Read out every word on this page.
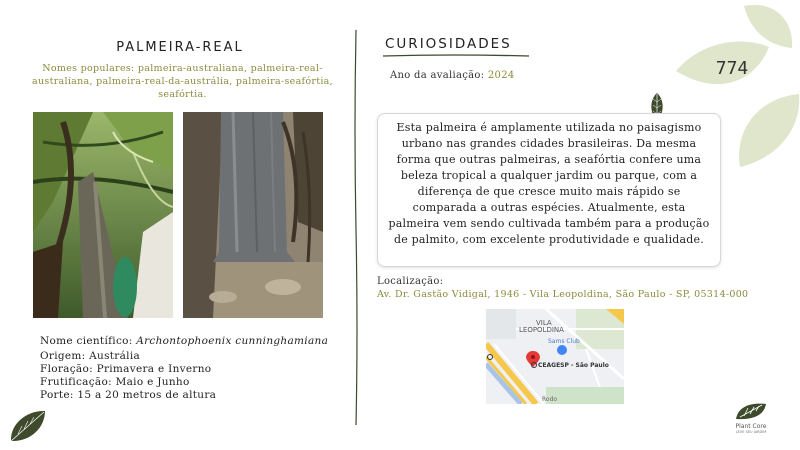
PALMEIRA-REAL
Nomes populares: palmeira-australiana, palmeira-real-australiana, palmeira-real-da-austrália, palmeira-seafórtia, seafórtia.
Nome científico: Archontophoenix cunninghamiana
Origem: Austrália
Floração: Primavera e Inverno
Frutificação: Maio e Junho
Porte: 15 a 20 metros de altura
CURIOSIDADES
Ano da avaliação: 2024

Esta palmeira é amplamente utilizada no paisagismo urbano nas grandes cidades brasileiras. Da mesma forma que outras palmeiras, a seafórtia confere uma beleza tropical a qualquer jardim ou parque, com a diferença de que cresce muito mais rápido se comparada a outras espécies. Atualmente, esta palmeira vem sendo cultivada também para a produção de palmito, com excelente produtividade e qualidade.

Localização:
Av. Dr. Gastão Vidigal, 1946 - Vila Leopoldina, São Paulo - SP, 05314-000
VILA
LEOPOLDINA
Sams Club
CEAGESP - São Paulo
Rodo
774
Plant Core
LEVE SEU JARDIM
